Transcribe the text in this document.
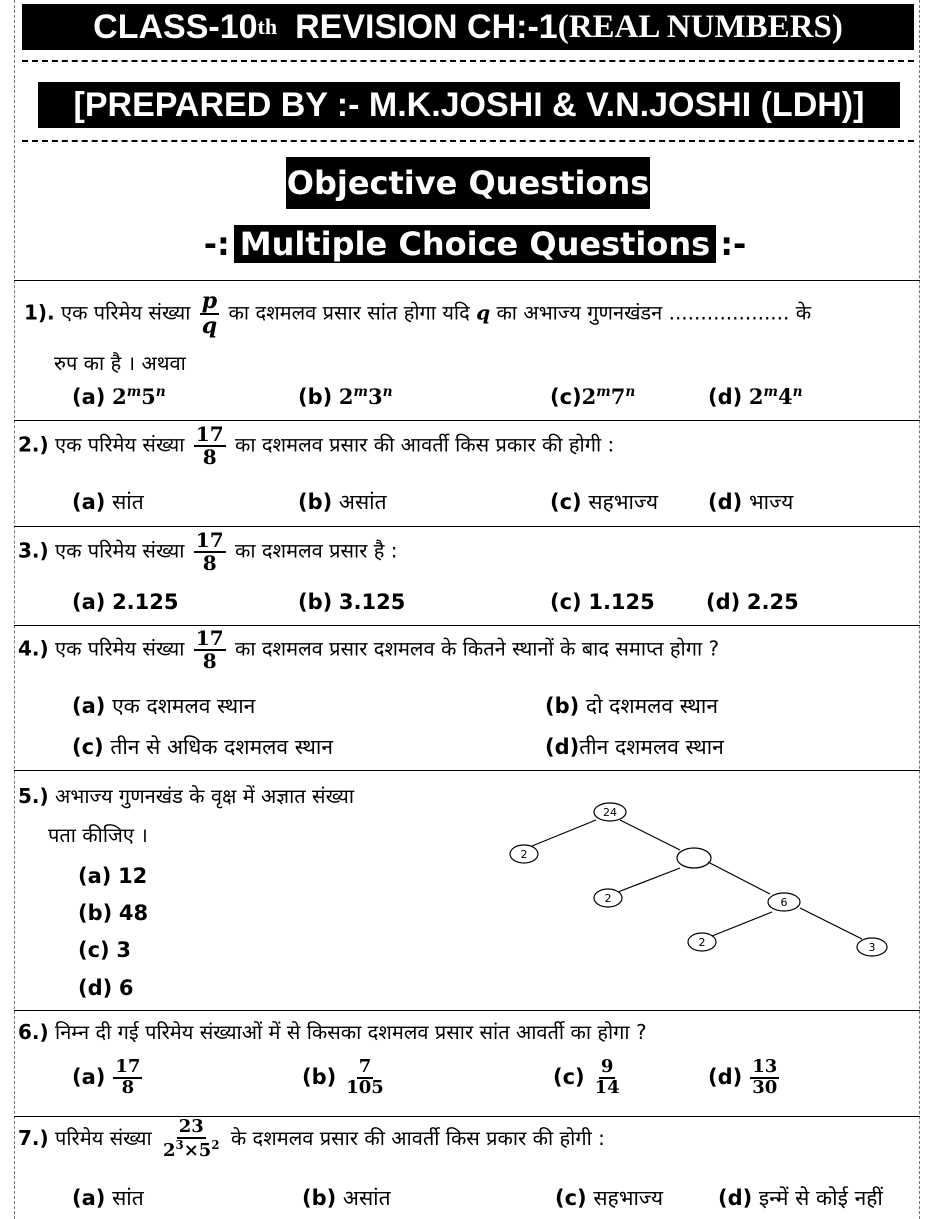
CLASS-10 th REVISION CH:-1 (REAL NUMBERS)
[PREPARED BY :- M.K.JOSHI & V.N.JOSHI (LDH)]
Objective Questions
-: Multiple Choice Questions :-
1). एक परिमेय संख्या $\frac{p}{q}$ का दशमलव प्रसार सांत होगा यदि q का अभाज्य गुणनखंडन ................... के
रुप का है । अथवा
(a) 2$^m$5$^n$	(b) 2$^m$3$^n$	(c)2$^m$7$^n$	(d) 2$^m$4$^n$
2.) एक परिमेय संख्या $\frac{17}{8}$ का दशमलव प्रसार की आवर्ती किस प्रकार की होगी :
(a) सांत	(b) असांत	(c) सहभाज्य (d) भाज्य
3.) एक परिमेय संख्या $\frac{17}{8}$ का दशमलव प्रसार है :
(a) 2.125	(b) 3.125	(c) 1.125 (d) 2.25
4.) एक परिमेय संख्या $\frac{17}{8}$ का दशमलव प्रसार दशमलव के कितने स्थानों के बाद समाप्त होगा ?
(a) एक दशमलव स्थान	(b) दो दशमलव स्थान
(c) तीन से अधिक दशमलव स्थान	(d)तीन दशमलव स्थान
5.) अभाज्य गुणनखंड के वृक्ष में अज्ञात संख्या
पता कीजिए ।
(a) 12
(b) 48
(c) 3
(d) 6
24
2
2	6
2	3
6.) निम्न दी गई परिमेय संख्याओं में से किसका दशमलव प्रसार सांत आवर्ती का होगा ?
$(a) \frac{17}{8}$	$(b) \frac{7}{105}$	$(c) \frac{9}{14}$	$(d) \frac{13}{30}$
7.) परिमेय संख्या $\frac{23}{2^3\times 5^2}$ के दशमलव प्रसार की आवर्ती किस प्रकार की होगी :
(a) सांत	(b) असांत	(c) सहभाज्य	(d) इन्में से कोई नहीं
